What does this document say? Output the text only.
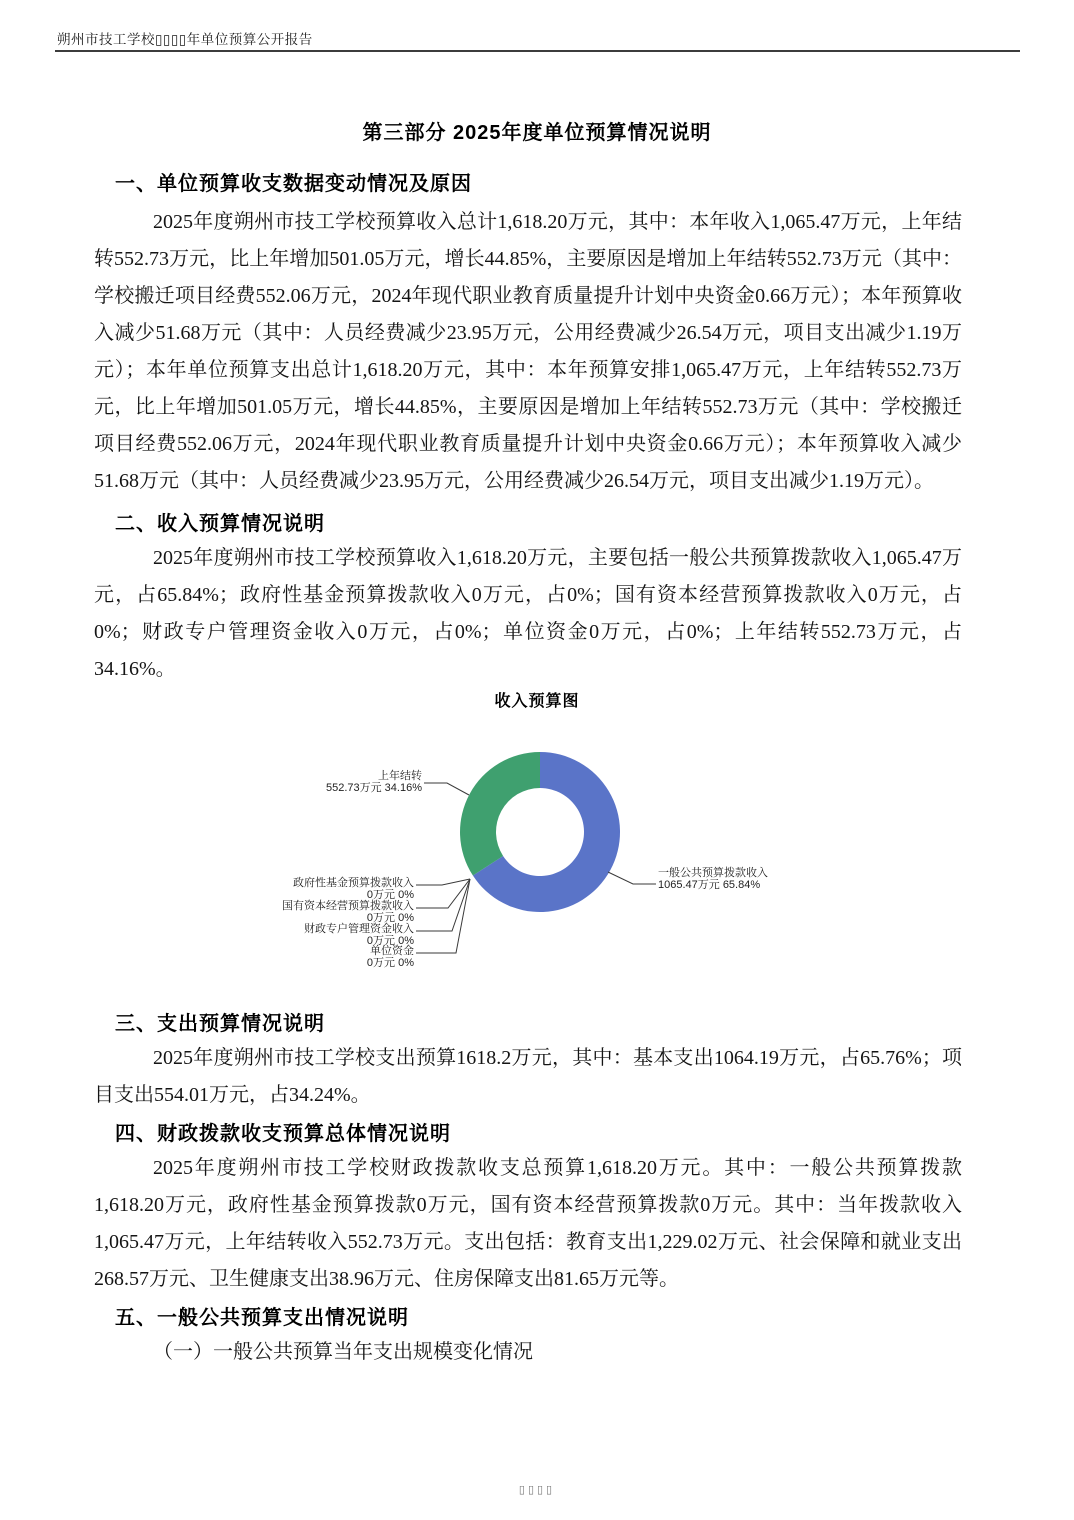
朔州市技工学校▯▯▯▯年单位预算公开报告
第三部分 2025年度单位预算情况说明
一、单位预算收支数据变动情况及原因
2025年度朔州市技工学校预算收入总计1,618.20万元，其中：本年收入1,065.47万元，上年结转552.73万元，比上年增加501.05万元，增长44.85%，主要原因是增加上年结转552.73万元（其中：学校搬迁项目经费552.06万元，2024年现代职业教育质量提升计划中央资金0.66万元）；本年预算收入减少51.68万元（其中：人员经费减少23.95万元，公用经费减少26.54万元，项目支出减少1.19万元）；本年单位预算支出总计1,618.20万元，其中：本年预算安排1,065.47万元，上年结转552.73万元，比上年增加501.05万元，增长44.85%，主要原因是增加上年结转552.73万元（其中：学校搬迁项目经费552.06万元，2024年现代职业教育质量提升计划中央资金0.66万元）；本年预算收入减少51.68万元（其中：人员经费减少23.95万元，公用经费减少26.54万元，项目支出减少1.19万元）。
二、收入预算情况说明
2025年度朔州市技工学校预算收入1,618.20万元，主要包括一般公共预算拨款收入1,065.47万元，占65.84%；政府性基金预算拨款收入0万元，占0%；国有资本经营预算拨款收入0万元，占0%；财政专户管理资金收入0万元，占0%；单位资金0万元，占0%；上年结转552.73万元，占34.16%。
收入预算图
上年结转
552.73万元 34.16%
政府性基金预算拨款收入
0万元 0%
国有资本经营预算拨款收入
0万元 0%
财政专户管理资金收入
0万元 0%
单位资金
0万元 0%
一般公共预算拨款收入
1065.47万元 65.84%
三、支出预算情况说明
2025年度朔州市技工学校支出预算1618.2万元，其中：基本支出1064.19万元，占65.76%；项目支出554.01万元，占34.24%。
四、财政拨款收支预算总体情况说明
2025年度朔州市技工学校财政拨款收支总预算1,618.20万元。其中：一般公共预算拨款1,618.20万元，政府性基金预算拨款0万元，国有资本经营预算拨款0万元。其中：当年拨款收入1,065.47万元，上年结转收入552.73万元。支出包括：教育支出1,229.02万元、社会保障和就业支出268.57万元、卫生健康支出38.96万元、住房保障支出81.65万元等。
五、一般公共预算支出情况说明
（一）一般公共预算当年支出规模变化情况
▯▯▯▯
